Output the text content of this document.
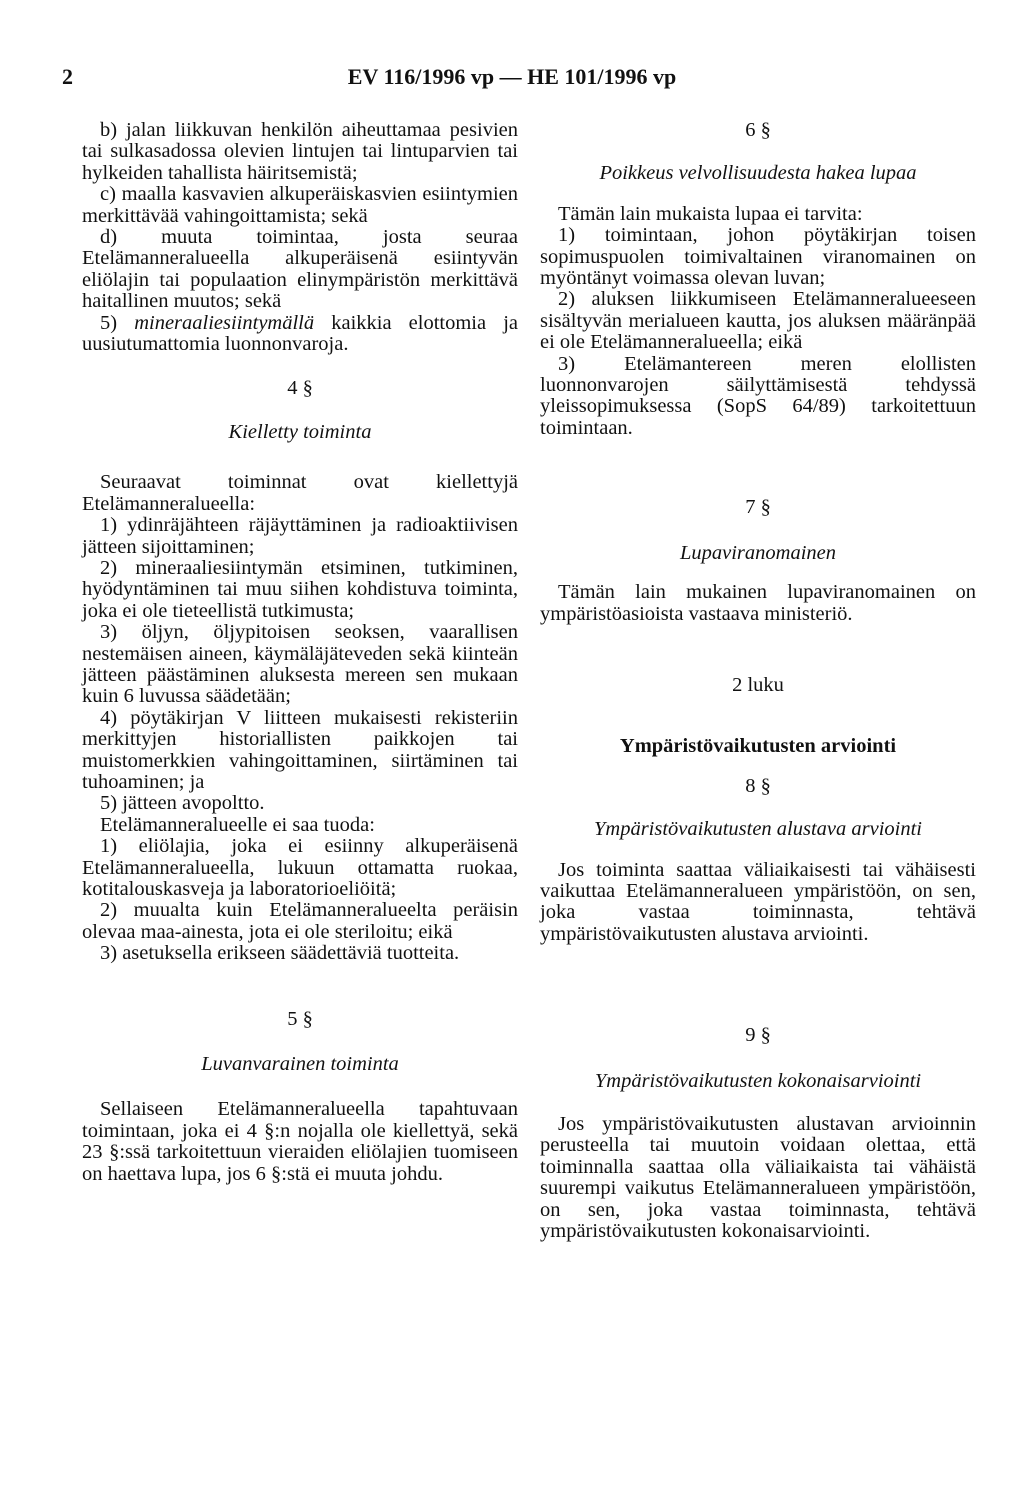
2	EV 116/1996 vp — HE 101/1996 vp

b) jalan liikkuvan henkilön aiheuttamaa pesivien tai sulkasadossa olevien lintujen tai lintuparvien tai hylkeiden tahallista häiritsemistä;

c) maalla kasvavien alkuperäiskasvien esiintymien merkittävää vahingoittamista; sekä

d) muuta toimintaa, josta seuraa Etelämanneralueella alkuperäisenä esiintyvän eliölajin tai populaation elinympäristön merkittävä haitallinen muutos; sekä

5) mineraaliesiintymällä kaikkia elottomia ja uusiutumattomia luonnonvaroja.

4 §

Kielletty toiminta

Seuraavat toiminnat ovat kiellettyjä Etelämanneralueella:

1) ydinräjähteen räjäyttäminen ja radioaktiivisen jätteen sijoittaminen;

2) mineraaliesiintymän etsiminen, tutkiminen, hyödyntäminen tai muu siihen kohdistuva toiminta, joka ei ole tieteellistä tutkimusta;

3) öljyn, öljypitoisen seoksen, vaarallisen nestemäisen aineen, käymäläjäteveden sekä kiinteän jätteen päästäminen aluksesta mereen sen mukaan kuin 6 luvussa säädetään;

4) pöytäkirjan V liitteen mukaisesti rekisteriin merkittyjen historiallisten paikkojen tai muistomerkkien vahingoittaminen, siirtäminen tai tuhoaminen; ja

5) jätteen avopoltto.

Etelämanneralueelle ei saa tuoda:

1) eliölajia, joka ei esiinny alkuperäisenä Etelämanneralueella, lukuun ottamatta ruokaa, kotitalouskasveja ja laboratorioeliöitä;

2) muualta kuin Etelämanneralueelta peräisin olevaa maa-ainesta, jota ei ole steriloitu; eikä

3) asetuksella erikseen säädettäviä tuotteita.

5 §

Luvanvarainen toiminta

Sellaiseen Etelämanneralueella tapahtuvaan toimintaan, joka ei 4 §:n nojalla ole kiellettyä, sekä 23 §:ssä tarkoitettuun vieraiden eliölajien tuomiseen on haettava lupa, jos 6 §:stä ei muuta johdu.

6 §

Poikkeus velvollisuudesta hakea lupaa

Tämän lain mukaista lupaa ei tarvita:

1) toimintaan, johon pöytäkirjan toisen sopimuspuolen toimivaltainen viranomainen on myöntänyt voimassa olevan luvan;

2) aluksen liikkumiseen Etelämanneralueeseen sisältyvän merialueen kautta, jos aluksen määränpää ei ole Etelämanneralueella; eikä

3) Etelämantereen meren elollisten luonnonvarojen säilyttämisestä tehdyssä yleissopimuksessa (SopS 64/89) tarkoitettuun toimintaan.

7 §

Lupaviranomainen

Tämän lain mukainen lupaviranomainen on ympäristöasioista vastaava ministeriö.

2 luku

Ympäristövaikutusten arviointi

8 §

Ympäristövaikutusten alustava arviointi

Jos toiminta saattaa väliaikaisesti tai vähäisesti vaikuttaa Etelämanneralueen ympäristöön, on sen, joka vastaa toiminnasta, tehtävä ympäristövaikutusten alustava arviointi.

9 §

Ympäristövaikutusten kokonaisarviointi

Jos ympäristövaikutusten alustavan arvioinnin perusteella tai muutoin voidaan olettaa, että toiminnalla saattaa olla väliaikaista tai vähäistä suurempi vaikutus Etelämanneralueen ympäristöön, on sen, joka vastaa toiminnasta, tehtävä ympäristövaikutusten kokonaisarviointi.
